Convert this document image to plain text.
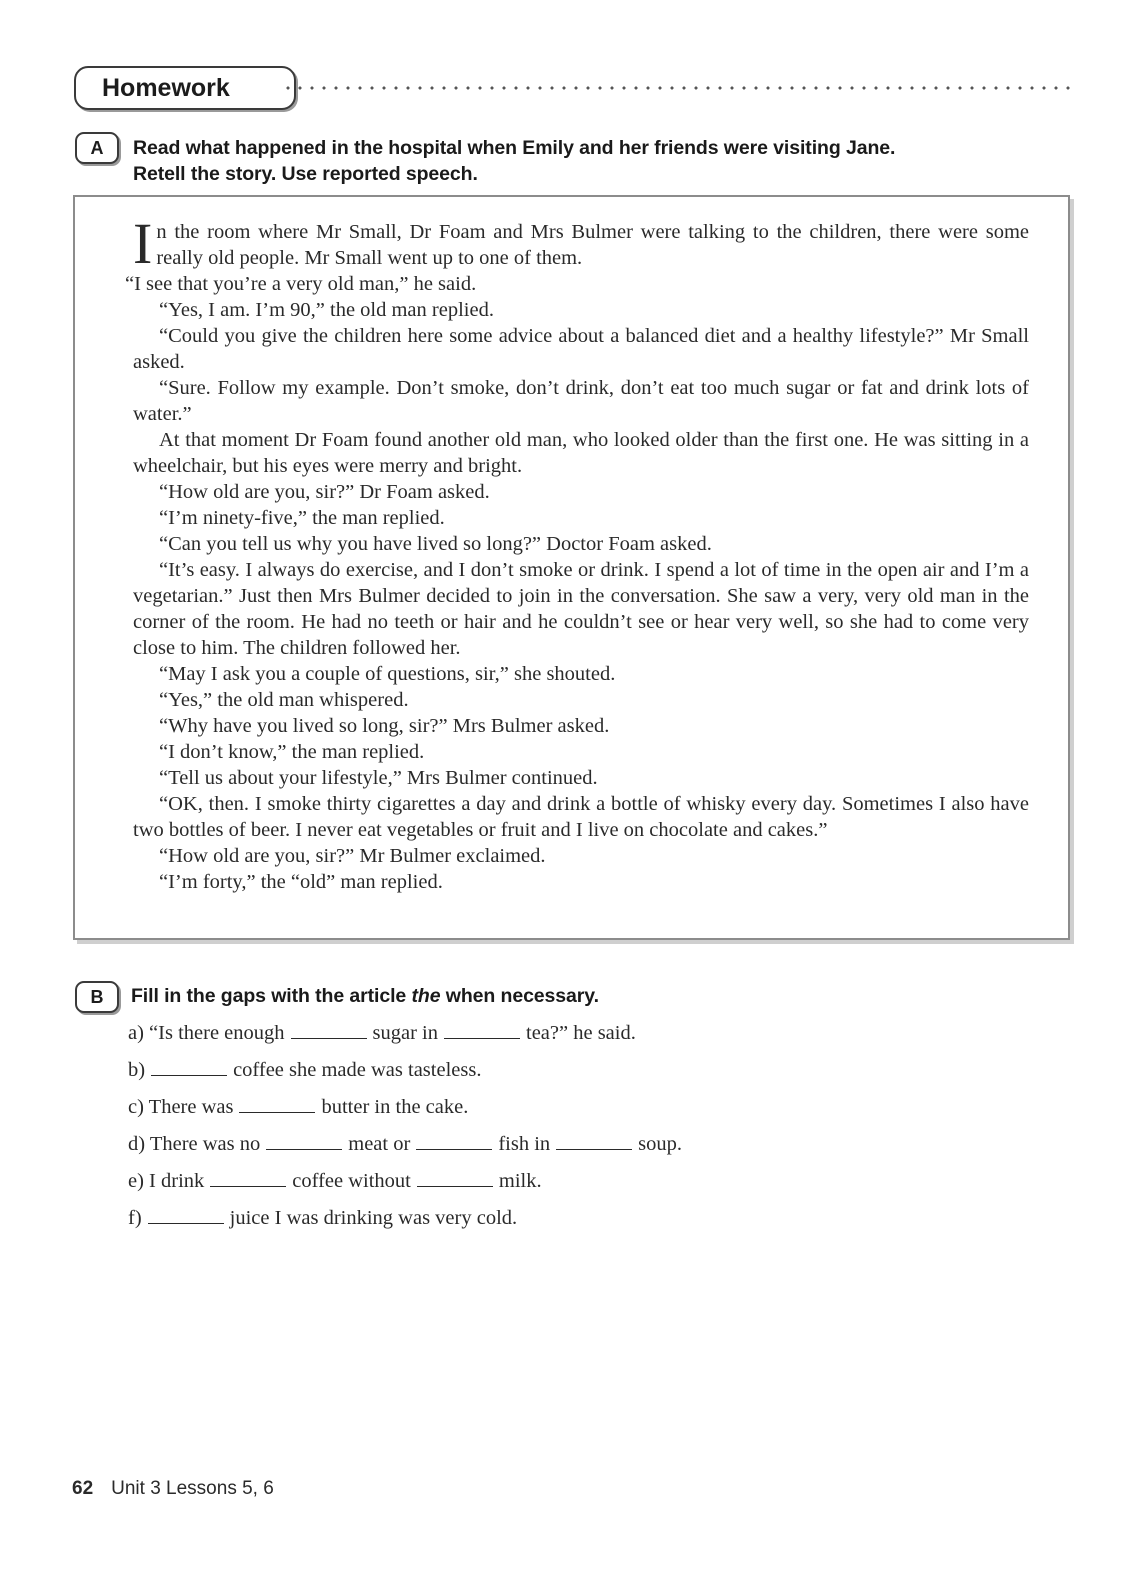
Homework
A	Read what happened in the hospital when Emily and her friends were visiting Jane.
Retell the story. Use reported speech.

In the room where Mr Small, Dr Foam and Mrs Bulmer were talking to the children, there were some really old people. Mr Small went up to one of them.

“I see that you’re a very old man,” he said.

“Yes, I am. I’m 90,” the old man replied.

“Could you give the children here some advice about a balanced diet and a healthy lifestyle?” Mr Small asked.

“Sure. Follow my example. Don’t smoke, don’t drink, don’t eat too much sugar or fat and drink lots of water.”

At that moment Dr Foam found another old man, who looked older than the first one. He was sitting in a wheelchair, but his eyes were merry and bright.

“How old are you, sir?” Dr Foam asked.

“I’m ninety-five,” the man replied.

“Can you tell us why you have lived so long?” Doctor Foam asked.

“It’s easy. I always do exercise, and I don’t smoke or drink. I spend a lot of time in the open air and I’m a vegetarian.” Just then Mrs Bulmer decided to join in the conversation. She saw a very, very old man in the corner of the room. He had no teeth or hair and he couldn’t see or hear very well, so she had to come very close to him. The children followed her.

“May I ask you a couple of questions, sir,” she shouted.

“Yes,” the old man whispered.

“Why have you lived so long, sir?” Mrs Bulmer asked.

“I don’t know,” the man replied.

“Tell us about your lifestyle,” Mrs Bulmer continued.

“OK, then. I smoke thirty cigarettes a day and drink a bottle of whisky every day. Sometimes I also have two bottles of beer. I never eat vegetables or fruit and I live on chocolate and cakes.”

“How old are you, sir?” Mr Bulmer exclaimed.

“I’m forty,” the “old” man replied.

B	Fill in the gaps with the article the when necessary.
a) “Is there enough	sugar in	tea?” he said.
b)	coffee she made was tasteless.
c) There was	butter in the cake.
d) There was no	meat or	fish in	soup.
e) I drink	coffee without	milk.
f)	juice I was drinking was very cold.
62 Unit 3 Lessons 5, 6
